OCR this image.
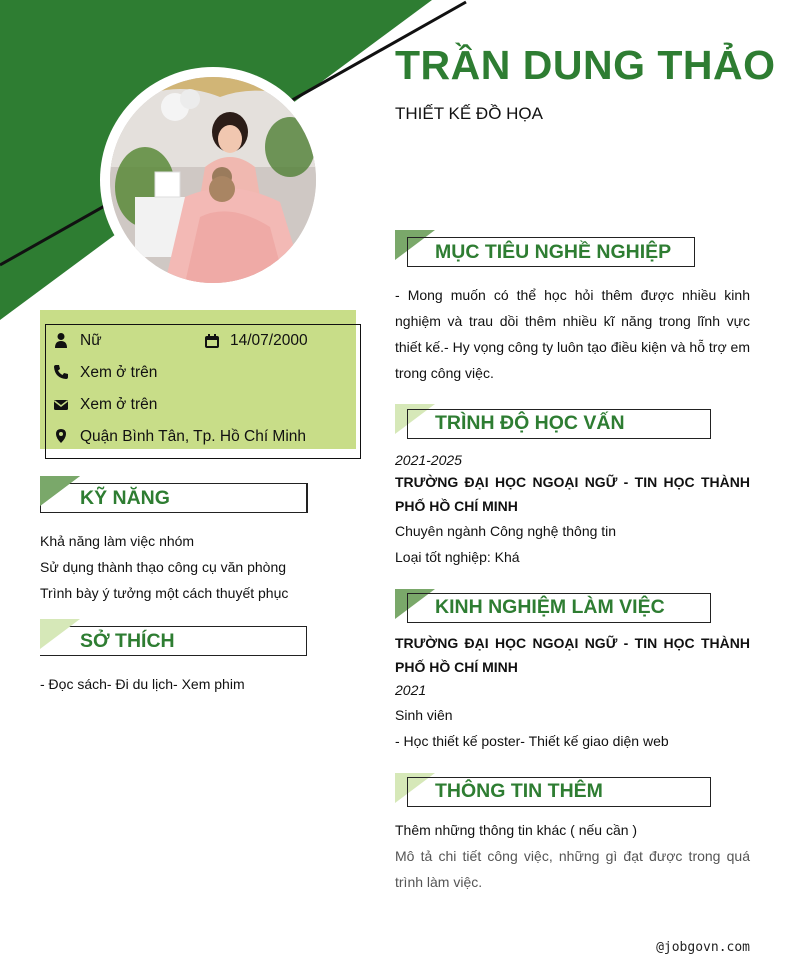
TRẦN DUNG THẢO
THIẾT KẾ ĐỒ HỌA
Nữ	14/07/2000
Xem ở trên
Xem ở trên
Quận Bình Tân, Tp. Hồ Chí Minh
KỸ NĂNG
Khả năng làm việc nhóm
Sử dụng thành thạo công cụ văn phòng
Trình bày ý tưởng một cách thuyết phục
SỞ THÍCH
- Đọc sách- Đi du lịch- Xem phim
MỤC TIÊU NGHỀ NGHIỆP
- Mong muốn có thể học hỏi thêm được nhiều kinh nghiệm và trau dồi thêm nhiều kĩ năng trong lĩnh vực thiết kế.- Hy vọng công ty luôn tạo điều kiện và hỗ trợ em trong công việc.
TRÌNH ĐỘ HỌC VẤN
2021-2025
TRƯỜNG ĐẠI HỌC NGOẠI NGỮ - TIN HỌC THÀNH PHỐ HỒ CHÍ MINH
Chuyên ngành Công nghệ thông tin
Loại tốt nghiệp: Khá
KINH NGHIỆM LÀM VIỆC
TRƯỜNG ĐẠI HỌC NGOẠI NGỮ - TIN HỌC THÀNH PHỐ HỒ CHÍ MINH
2021
Sinh viên
- Học thiết kế poster- Thiết kế giao diện web
THÔNG TIN THÊM
Thêm những thông tin khác ( nếu cần )
Mô tả chi tiết công việc, những gì đạt được trong quá trình làm việc.
@jobgovn.com
